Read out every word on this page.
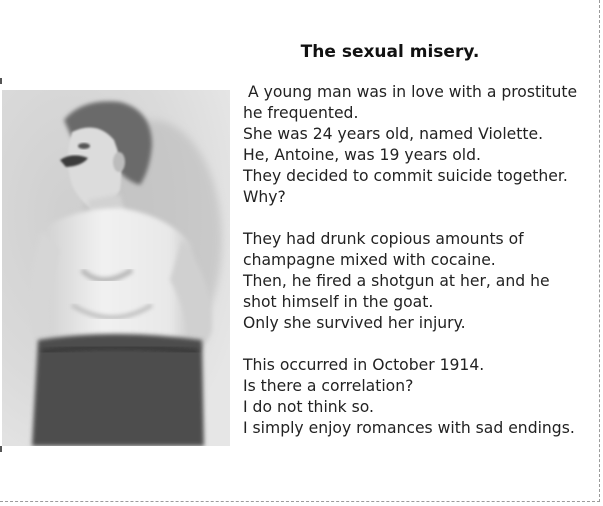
The sexual misery.

A young man was in love with a prostitute he frequented.

She was 24 years old, named Violette.

He, Antoine, was 19 years old.

They decided to commit suicide together. Why?

They had drunk copious amounts of champagne mixed with cocaine.

Then, he fired a shotgun at her, and he shot himself in the goat.

Only she survived her injury.

This occurred in October 1914.

Is there a correlation?

I do not think so.

I simply enjoy romances with sad endings.
